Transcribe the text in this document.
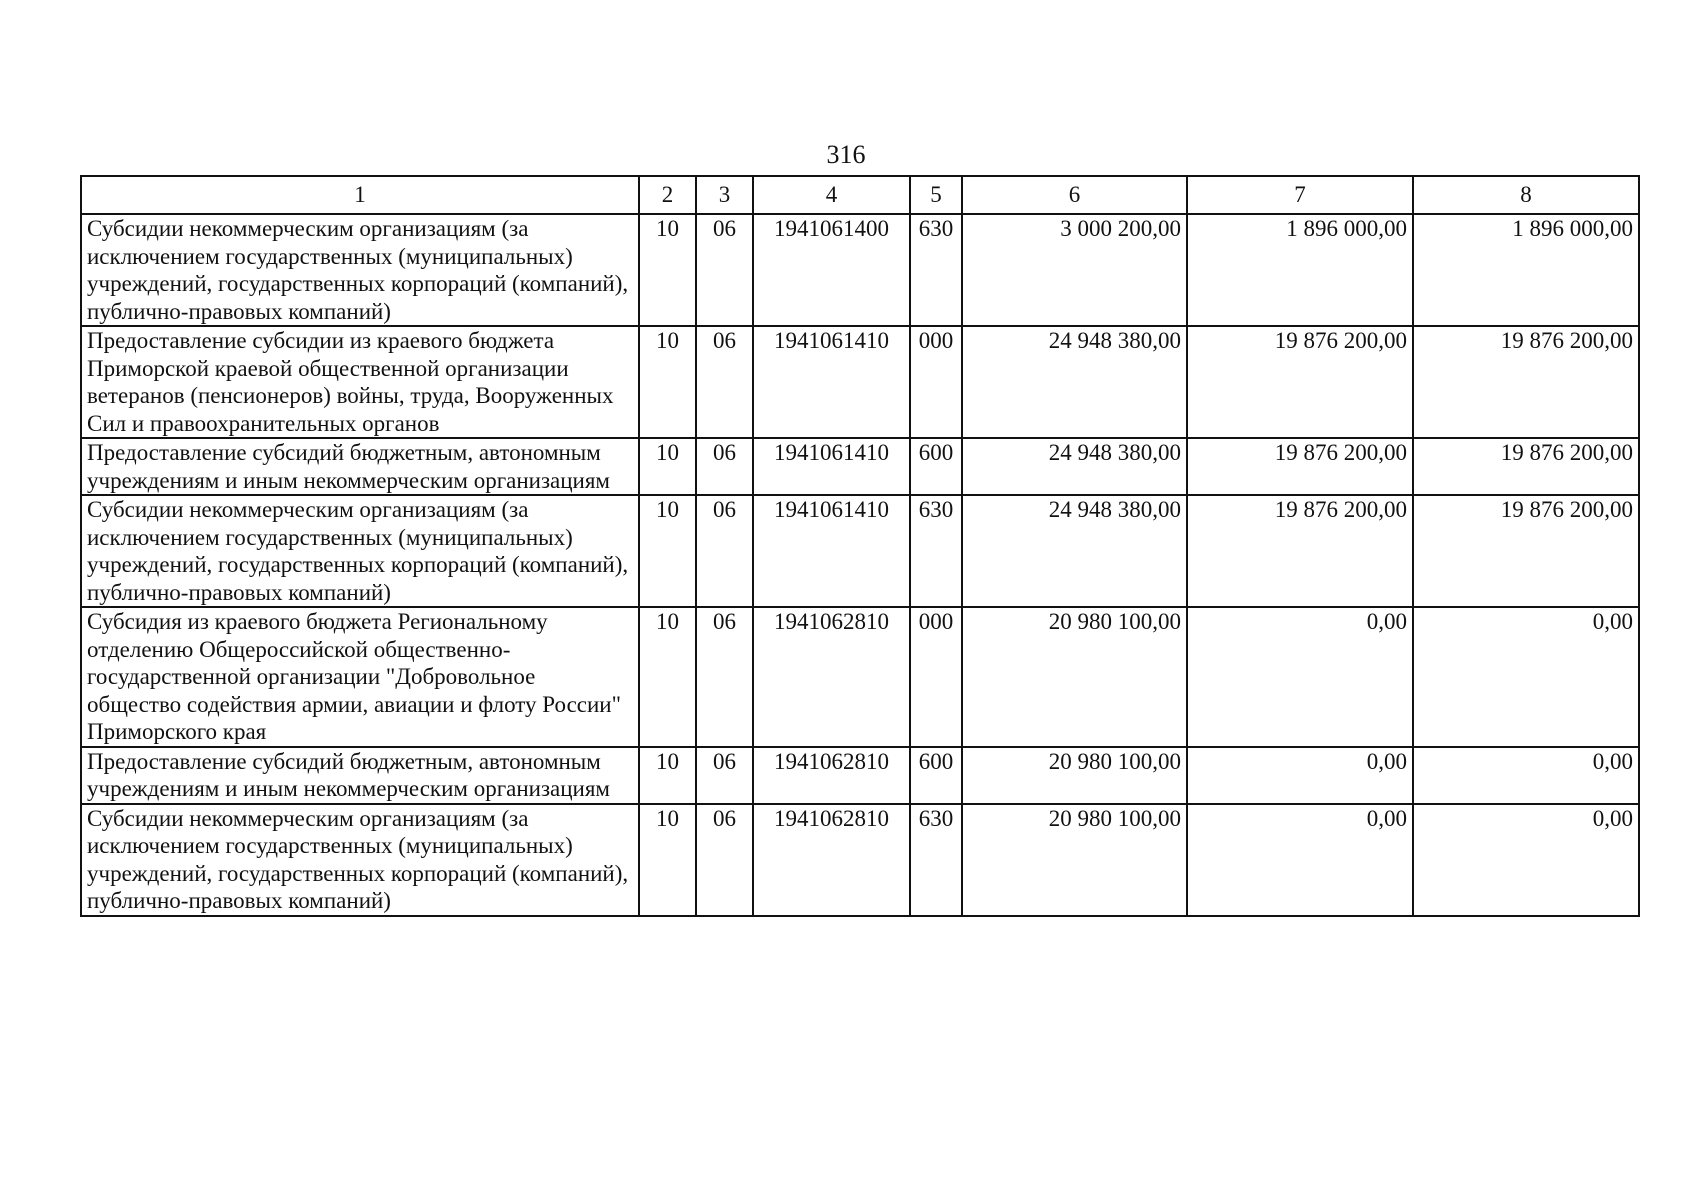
316
1	2	3	4	5	6	7	8
Субсидии некоммерческим организациям (за исключением государственных (муниципальных) учреждений, государственных корпораций (компаний), публично-правовых компаний)	10	06	1941061400	630	3 000 200,00	1 896 000,00	1 896 000,00
Предоставление субсидии из краевого бюджета Приморской краевой общественной организации ветеранов (пенсионеров) войны, труда, Вооруженных Сил и правоохранительных органов	10	06	1941061410	000	24 948 380,00	19 876 200,00	19 876 200,00
Предоставление субсидий бюджетным, автономным учреждениям и иным некоммерческим организациям	10	06	1941061410	600	24 948 380,00	19 876 200,00	19 876 200,00
Субсидии некоммерческим организациям (за исключением государственных (муниципальных) учреждений, государственных корпораций (компаний), публично-правовых компаний)	10	06	1941061410	630	24 948 380,00	19 876 200,00	19 876 200,00
Субсидия из краевого бюджета Региональному отделению Общероссийской общественно-государственной организации "Добровольное общество содействия армии, авиации и флоту России" Приморского края	10	06	1941062810	000	20 980 100,00	0,00	0,00
Предоставление субсидий бюджетным, автономным учреждениям и иным некоммерческим организациям	10	06	1941062810	600	20 980 100,00	0,00	0,00
Субсидии некоммерческим организациям (за исключением государственных (муниципальных) учреждений, государственных корпораций (компаний), публично-правовых компаний)	10	06	1941062810	630	20 980 100,00	0,00	0,00
